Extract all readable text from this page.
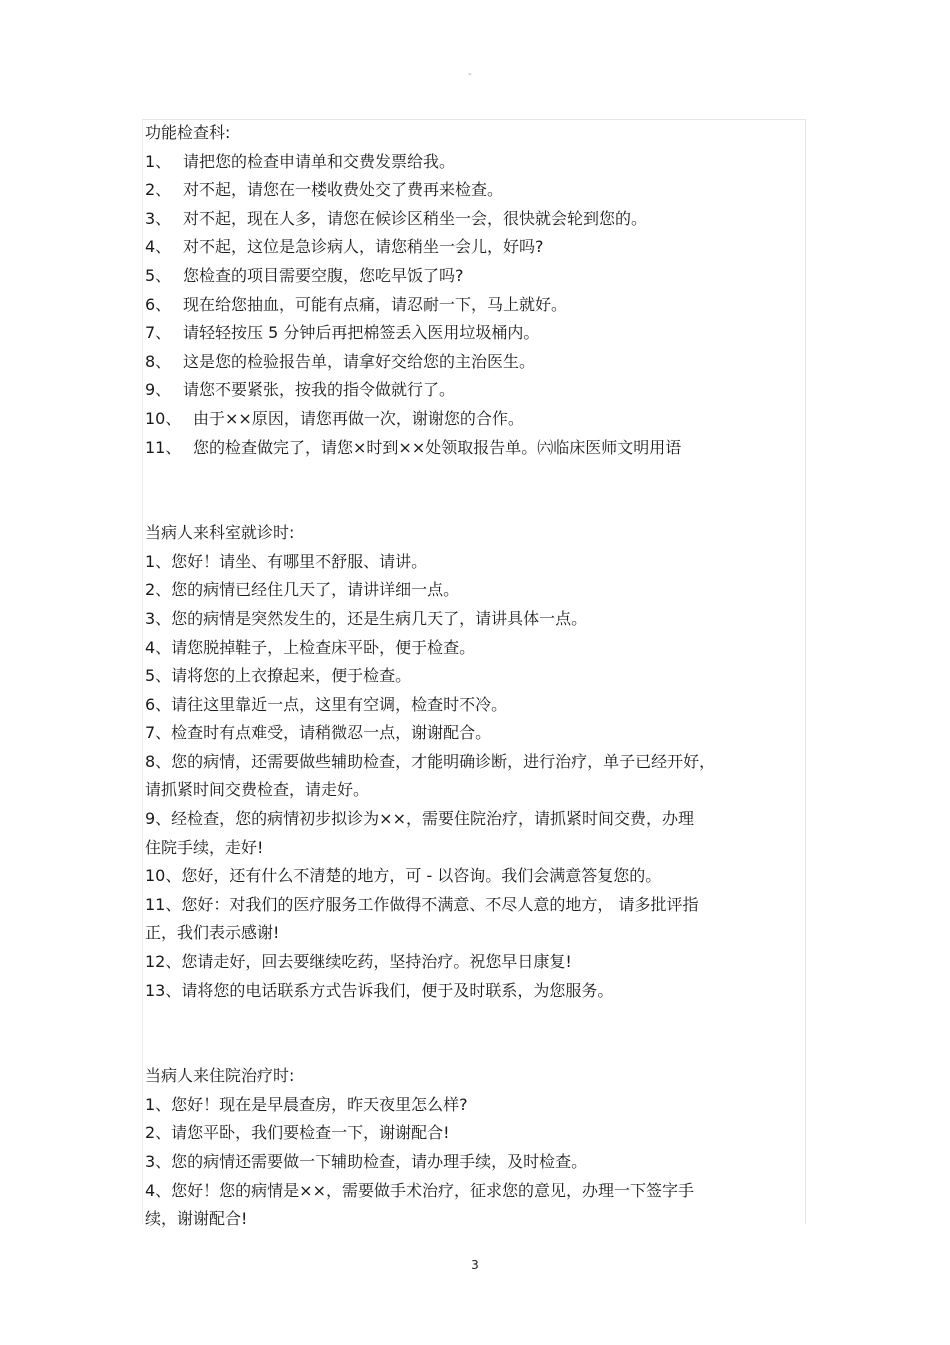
-
功能检查科:
1、 请把您的检查申请单和交费发票给我。
2、 对不起，请您在一楼收费处交了费再来检查。
3、 对不起，现在人多，请您在候诊区稍坐一会，很快就会轮到您的。
4、 对不起，这位是急诊病人，请您稍坐一会儿，好吗?
5、 您检查的项目需要空腹，您吃早饭了吗?
6、 现在给您抽血，可能有点痛，请忍耐一下，马上就好。
7、 请轻轻按压 5 分钟后再把棉签丢入医用垃圾桶内。
8、 这是您的检验报告单，请拿好交给您的主治医生。
9、 请您不要紧张，按我的指令做就行了。
10、 由于××原因，请您再做一次，谢谢您的合作。
11、 您的检查做完了，请您×时到××处领取报告单。㈥临床医师文明用语
当病人来科室就诊时:
1、您好！请坐、有哪里不舒服、请讲。
2、您的病情已经住几天了，请讲详细一点。
3、您的病情是突然发生的，还是生病几天了，请讲具体一点。
4、请您脱掉鞋子，上检查床平卧，便于检查。
5、请将您的上衣撩起来，便于检查。
6、请往这里靠近一点，这里有空调，检查时不冷。
7、检查时有点难受，请稍微忍一点，谢谢配合。
8、您的病情，还需要做些辅助检查，才能明确诊断，进行治疗，单子已经开好，
请抓紧时间交费检查，请走好。
9、经检查，您的病情初步拟诊为××，需要住院治疗，请抓紧时间交费，办理
住院手续，走好!
10、您好，还有什么不清楚的地方，可 - 以咨询。我们会满意答复您的。
11、您好：对我们的医疗服务工作做得不满意、不尽人意的地方， 请多批评指
正，我们表示感谢!
12、您请走好，回去要继续吃药，坚持治疗。祝您早日康复!
13、请将您的电话联系方式告诉我们，便于及时联系，为您服务。
当病人来住院治疗时:
1、您好！现在是早晨查房，昨天夜里怎么样?
2、请您平卧，我们要检查一下，谢谢配合!
3、您的病情还需要做一下辅助检查，请办理手续，及时检查。
4、您好！您的病情是××，需要做手术治疗，征求您的意见，办理一下签字手
续，谢谢配合!
3
